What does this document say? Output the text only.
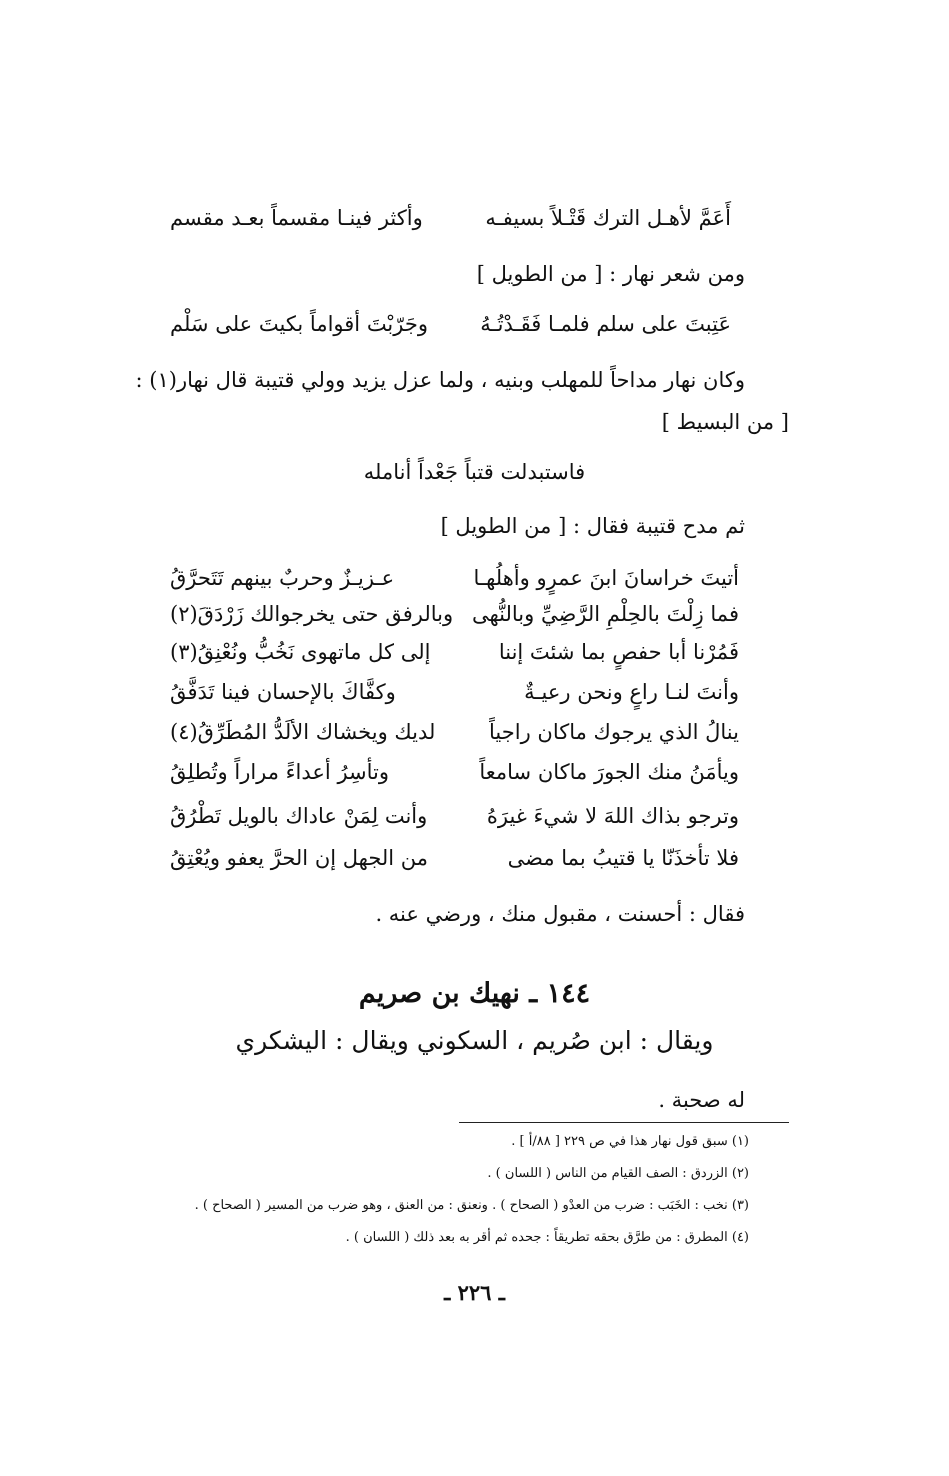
أَعَمَّ لأهـل الترك قَتْـلاً بسيفـه
وأكثر فينـا مقسماً بعـد مقسم
ومن شعر نهار : [ من الطويل ]
عَتِبتَ على سلم فلمـا فَقَـدْتُـهُ
وجَرّبْتَ أقواماً بكيتَ على سَلْم
وكان نهار مداحاً للمهلب وبنيه ، ولما عزل يزيد وولي قتيبة قال نهار(١) :
[ من البسيط ]
فاستبدلت قتباً جَعْداً أنامله
ثم مدح قتيبة فقال : [ من الطويل ]
أتيتَ خراسانَ ابنَ عمرٍو وأهلُهـا
عـزيـزٌ وحربٌ بينهم تَتَحرَّقُ
فما زِلْتَ بالحِلْمِ الرَّضِيِّ وبالنُّهى
وبالرفق حتى يخرجوالك زَرْدَقَ(٢)
فَمُرْنا أبا حفصٍ بما شئتَ إننا
إلى كل ماتهوى نَخُبُّ ونُعْنِقُ(٣)
وأنتَ لنـا راعٍ ونحن رعيـةٌ
وكفَّاكَ بالإحسان فينا تَدَفَّقُ
ينالُ الذي يرجوك ماكان راجياً
لديك ويخشاك الألَدُّ المُطَرِّقُ(٤)
ويأمَنُ منك الجورَ ماكان سامعاً
وتأسِرُ أعداءً مراراً وتُطلِقُ
وترجو بذاك اللهَ لا شيءَ غيرَهُ
وأنت لِمَنْ عاداك بالويل تَطْرُقُ
فلا تأخذَنّا يا قتيبُ بما مضى
من الجهل إن الحرَّ يعفو ويُعْتِقُ
فقال : أحسنت ، مقبول منك ، ورضي عنه .
١٤٤ ـ نهيك بن صريم
ويقال : ابن صُريم ، السكوني ويقال : اليشكري
له صحبة .
(١) سبق قول نهار هذا في ص ٢٢٩ [ ٨٨/أ ] .
(٢) الزردق : الصف القيام من الناس ( اللسان ) .
(٣) نخب : الخَبَب : ضرب من العدْو ( الصحاح ) . ونعنق : من العنق ، وهو ضرب من المسير ( الصحاح ) .
(٤) المطرق : من طرَّق بحقه تطريقاً : جحده ثم أقر به بعد ذلك ( اللسان ) .
ـ ٢٢٦ ـ
